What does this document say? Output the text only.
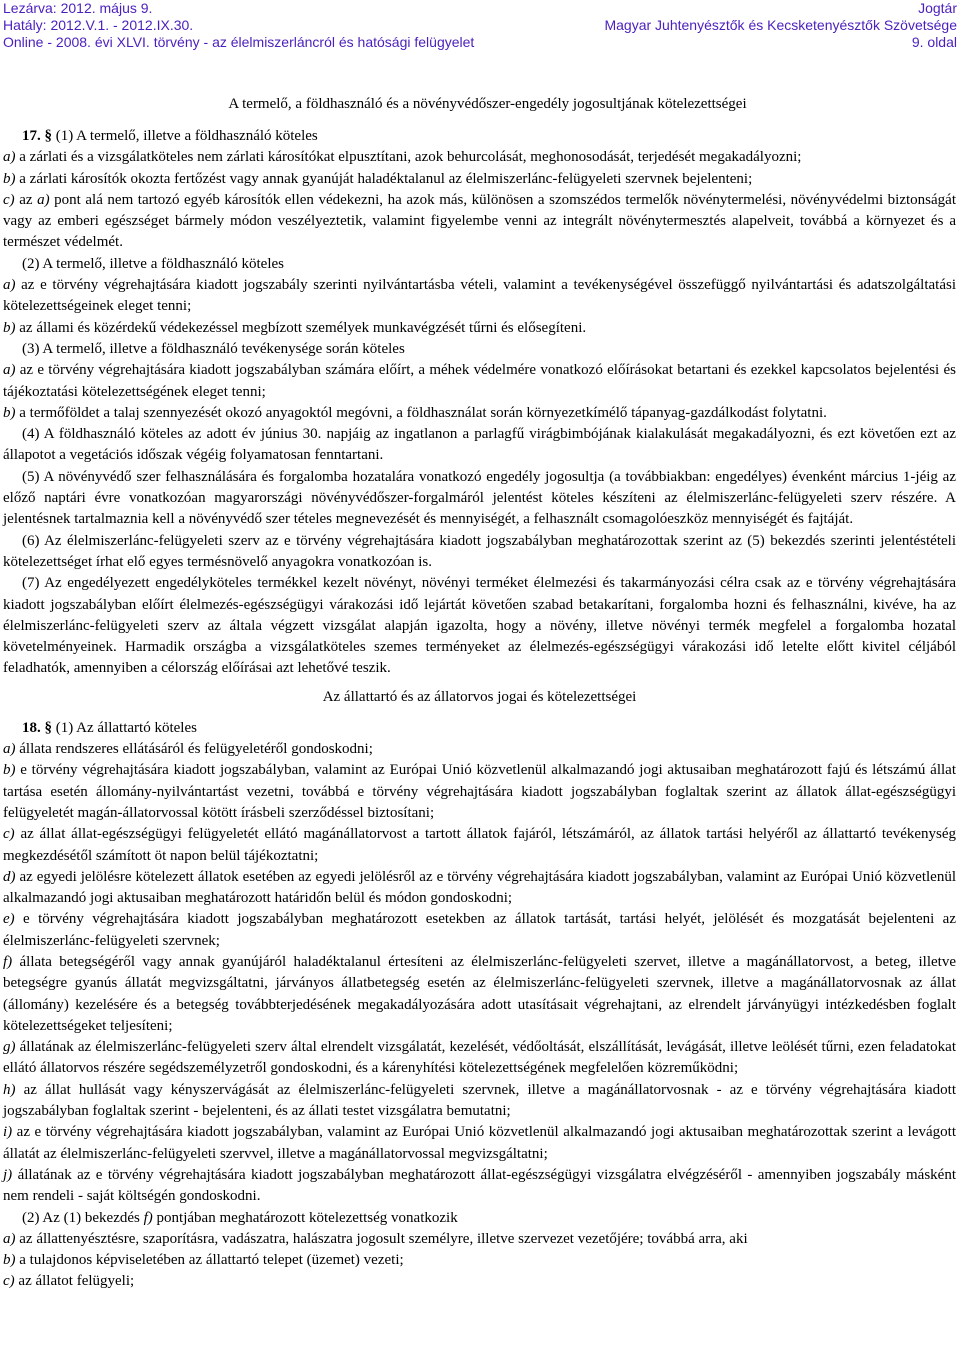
Lezárva: 2012. május 9.
Hatály: 2012.V.1. - 2012.IX.30.
Online - 2008. évi XLVI. törvény - az élelmiszerláncról és hatósági felügyelet
Jogtár
Magyar Juhtenyésztők és Kecsketenyésztők Szövetsége
9. oldal
A termelő, a földhasználó és a növényvédőszer-engedély jogosultjának kötelezettségei

17. § (1) A termelő, illetve a földhasználó köteles

a) a zárlati és a vizsgálatköteles nem zárlati károsítókat elpusztítani, azok behurcolását, meghonosodását, terjedését megakadályozni;

b) a zárlati károsítók okozta fertőzést vagy annak gyanúját haladéktalanul az élelmiszerlánc-felügyeleti szervnek bejelenteni;

c) az a) pont alá nem tartozó egyéb károsítók ellen védekezni, ha azok más, különösen a szomszédos termelők növénytermelési, növényvédelmi biztonságát vagy az emberi egészséget bármely módon veszélyeztetik, valamint figyelembe venni az integrált növénytermesztés alapelveit, továbbá a környezet és a természet védelmét.

(2) A termelő, illetve a földhasználó köteles

a) az e törvény végrehajtására kiadott jogszabály szerinti nyilvántartásba vételi, valamint a tevékenységével összefüggő nyilvántartási és adatszolgáltatási kötelezettségeinek eleget tenni;

b) az állami és közérdekű védekezéssel megbízott személyek munkavégzését tűrni és elősegíteni.

(3) A termelő, illetve a földhasználó tevékenysége során köteles

a) az e törvény végrehajtására kiadott jogszabályban számára előírt, a méhek védelmére vonatkozó előírásokat betartani és ezekkel kapcsolatos bejelentési és tájékoztatási kötelezettségének eleget tenni;

b) a termőföldet a talaj szennyezését okozó anyagoktól megóvni, a földhasználat során környezetkímélő tápanyag-gazdálkodást folytatni.

(4) A földhasználó köteles az adott év június 30. napjáig az ingatlanon a parlagfű virágbimbójának kialakulását megakadályozni, és ezt követően ezt az állapotot a vegetációs időszak végéig folyamatosan fenntartani.

(5) A növényvédő szer felhasználására és forgalomba hozatalára vonatkozó engedély jogosultja (a továbbiakban: engedélyes) évenként március 1-jéig az előző naptári évre vonatkozóan magyarországi növényvédőszer-forgalmáról jelentést köteles készíteni az élelmiszerlánc-felügyeleti szerv részére. A jelentésnek tartalmaznia kell a növényvédő szer tételes megnevezését és mennyiségét, a felhasznált csomagolóeszköz mennyiségét és fajtáját.

(6) Az élelmiszerlánc-felügyeleti szerv az e törvény végrehajtására kiadott jogszabályban meghatározottak szerint az (5) bekezdés szerinti jelentéstételi kötelezettséget írhat elő egyes termésnövelő anyagokra vonatkozóan is.

(7) Az engedélyezett engedélyköteles termékkel kezelt növényt, növényi terméket élelmezési és takarmányozási célra csak az e törvény végrehajtására kiadott jogszabályban előírt élelmezés-egészségügyi várakozási idő lejártát követően szabad betakarítani, forgalomba hozni és felhasználni, kivéve, ha az élelmiszerlánc-felügyeleti szerv az általa végzett vizsgálat alapján igazolta, hogy a növény, illetve növényi termék megfelel a forgalomba hozatal követelményeinek. Harmadik országba a vizsgálatköteles szemes terményeket az élelmezés-egészségügyi várakozási idő letelte előtt kivitel céljából feladhatók, amennyiben a célország előírásai azt lehetővé teszik.

Az állattartó és az állatorvos jogai és kötelezettségei

18. § (1) Az állattartó köteles

a) állata rendszeres ellátásáról és felügyeletéről gondoskodni;

b) e törvény végrehajtására kiadott jogszabályban, valamint az Európai Unió közvetlenül alkalmazandó jogi aktusaiban meghatározott fajú és létszámú állat tartása esetén állomány-nyilvántartást vezetni, továbbá e törvény végrehajtására kiadott jogszabályban foglaltak szerint az állatok állat-egészségügyi felügyeletét magán-állatorvossal kötött írásbeli szerződéssel biztosítani;

c) az állat állat-egészségügyi felügyeletét ellátó magánállatorvost a tartott állatok fajáról, létszámáról, az állatok tartási helyéről az állattartó tevékenység megkezdésétől számított öt napon belül tájékoztatni;

d) az egyedi jelölésre kötelezett állatok esetében az egyedi jelölésről az e törvény végrehajtására kiadott jogszabályban, valamint az Európai Unió közvetlenül alkalmazandó jogi aktusaiban meghatározott határidőn belül és módon gondoskodni;

e) e törvény végrehajtására kiadott jogszabályban meghatározott esetekben az állatok tartását, tartási helyét, jelölését és mozgatását bejelenteni az élelmiszerlánc-felügyeleti szervnek;

f) állata betegségéről vagy annak gyanújáról haladéktalanul értesíteni az élelmiszerlánc-felügyeleti szervet, illetve a magánállatorvost, a beteg, illetve betegségre gyanús állatát megvizsgáltatni, járványos állatbetegség esetén az élelmiszerlánc-felügyeleti szervnek, illetve a magánállatorvosnak az állat (állomány) kezelésére és a betegség továbbterjedésének megakadályozására adott utasításait végrehajtani, az elrendelt járványügyi intézkedésben foglalt kötelezettségeket teljesíteni;

g) állatának az élelmiszerlánc-felügyeleti szerv által elrendelt vizsgálatát, kezelését, védőoltását, elszállítását, levágását, illetve leölését tűrni, ezen feladatokat ellátó állatorvos részére segédszemélyzetről gondoskodni, és a kárenyhítési kötelezettségének megfelelően közreműködni;

h) az állat hullását vagy kényszervágását az élelmiszerlánc-felügyeleti szervnek, illetve a magánállatorvosnak - az e törvény végrehajtására kiadott jogszabályban foglaltak szerint - bejelenteni, és az állati testet vizsgálatra bemutatni;

i) az e törvény végrehajtására kiadott jogszabályban, valamint az Európai Unió közvetlenül alkalmazandó jogi aktusaiban meghatározottak szerint a levágott állatát az élelmiszerlánc-felügyeleti szervvel, illetve a magánállatorvossal megvizsgáltatni;

j) állatának az e törvény végrehajtására kiadott jogszabályban meghatározott állat-egészségügyi vizsgálatra elvégzéséről - amennyiben jogszabály másként nem rendeli - saját költségén gondoskodni.

(2) Az (1) bekezdés f) pontjában meghatározott kötelezettség vonatkozik

a) az állattenyésztésre, szaporításra, vadászatra, halászatra jogosult személyre, illetve szervezet vezetőjére; továbbá arra, aki

b) a tulajdonos képviseletében az állattartó telepet (üzemet) vezeti;

c) az állatot felügyeli;
